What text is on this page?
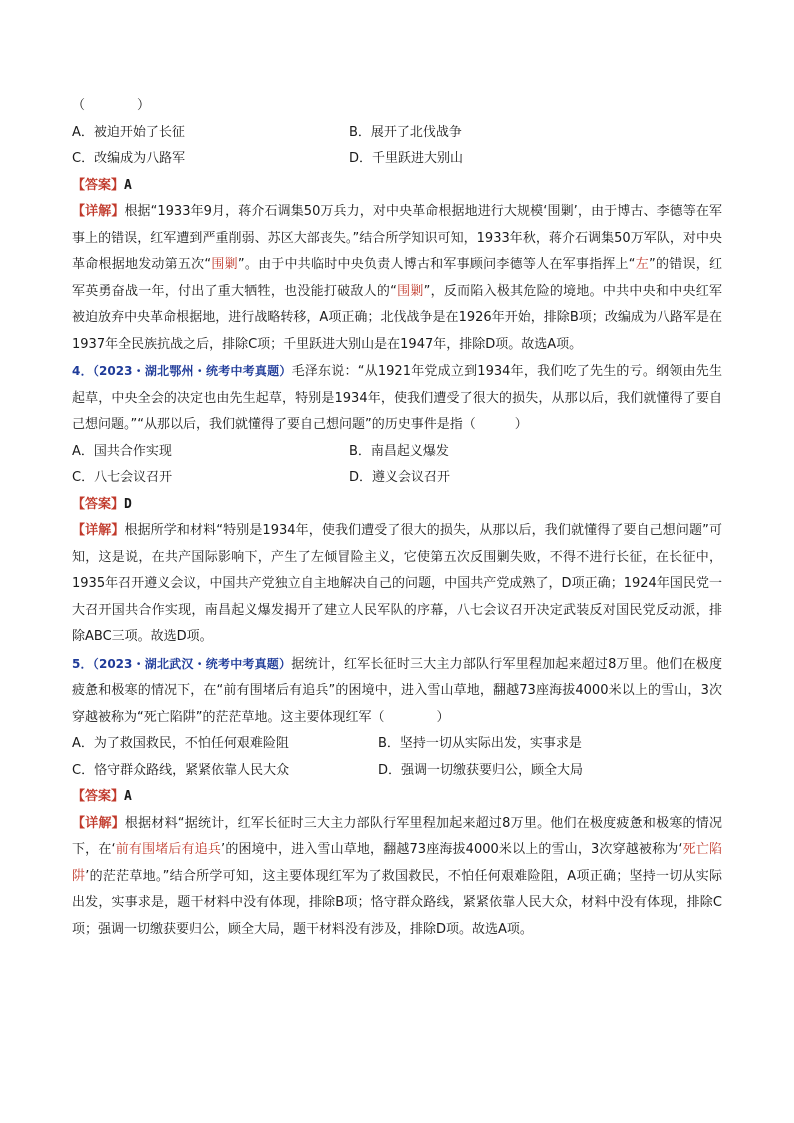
（　　　　）
A．被迫开始了长征	B．展开了北伐战争
C．改编成为八路军	D．千里跃进大别山
【答案】A
【详解】根据“1933年9月，蒋介石调集50万兵力，对中央革命根据地进行大规模‘围剿’，由于博古、李德等在军事上的错误，红军遭到严重削弱、苏区大部丧失。”结合所学知识可知，1933年秋，蒋介石调集50万军队，对中央革命根据地发动第五次“围剿”。由于中共临时中央负责人博古和军事顾问李德等人在军事指挥上“左”的错误，红军英勇奋战一年，付出了重大牺牲，也没能打破敌人的“围剿”，反而陷入极其危险的境地。中共中央和中央红军被迫放弃中央革命根据地，进行战略转移，A项正确；北伐战争是在1926年开始，排除B项；改编成为八路军是在1937年全民族抗战之后，排除C项；千里跃进大别山是在1947年，排除D项。故选A项。
4．（2023・湖北鄂州・统考中考真题）毛泽东说：“从1921年党成立到1934年，我们吃了先生的亏。纲领由先生起草，中央全会的决定也由先生起草，特别是1934年，使我们遭受了很大的损失，从那以后，我们就懂得了要自己想问题。”“从那以后，我们就懂得了要自己想问题”的历史事件是指（　　　）
A．国共合作实现	B．南昌起义爆发
C．八七会议召开	D．遵义会议召开
【答案】D
【详解】根据所学和材料“特别是1934年，使我们遭受了很大的损失，从那以后，我们就懂得了要自己想问题”可知，这是说，在共产国际影响下，产生了左倾冒险主义，它使第五次反围剿失败，不得不进行长征，在长征中，1935年召开遵义会议，中国共产党独立自主地解决自己的问题，中国共产党成熟了，D项正确；1924年国民党一大召开国共合作实现，南昌起义爆发揭开了建立人民军队的序幕，八七会议召开决定武装反对国民党反动派，排除ABC三项。故选D项。
5．（2023・湖北武汉・统考中考真题）据统计，红军长征时三大主力部队行军里程加起来超过8万里。他们在极度疲惫和极寒的情况下，在“前有围堵后有追兵”的困境中，进入雪山草地，翻越73座海拔4000米以上的雪山，3次穿越被称为“死亡陷阱”的茫茫草地。这主要体现红军（　　　　）
A．为了救国救民，不怕任何艰难险阻	B．坚持一切从实际出发，实事求是
C．恪守群众路线，紧紧依靠人民大众	D．强调一切缴获要归公，顾全大局
【答案】A
【详解】根据材料“据统计，红军长征时三大主力部队行军里程加起来超过8万里。他们在极度疲惫和极寒的情况下，在‘前有围堵后有追兵’的困境中，进入雪山草地，翻越73座海拔4000米以上的雪山，3次穿越被称为‘死亡陷阱’的茫茫草地。”结合所学可知，这主要体现红军为了救国救民，不怕任何艰难险阻，A项正确；坚持一切从实际出发，实事求是，题干材料中没有体现，排除B项；恪守群众路线，紧紧依靠人民大众，材料中没有体现，排除C项；强调一切缴获要归公，顾全大局，题干材料没有涉及，排除D项。故选A项。
